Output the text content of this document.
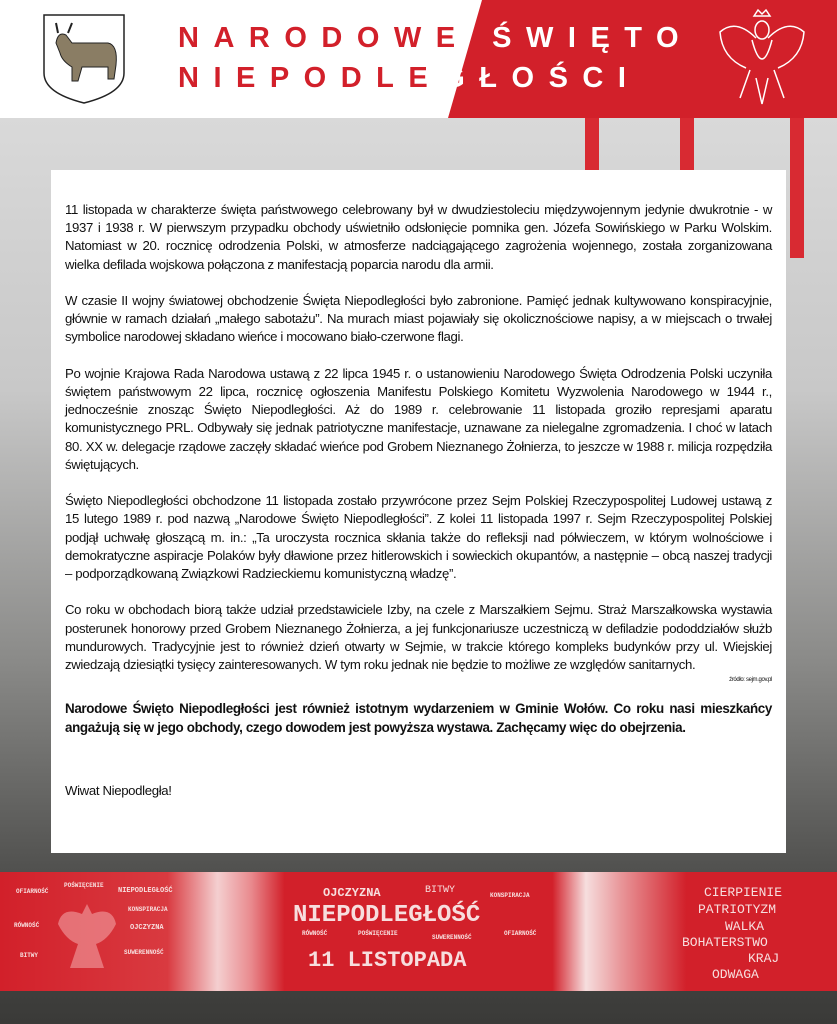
NARODOWE ŚWIĘTO
NIEPODLEGŁOŚCI

11 listopada w charakterze święta państwowego celebrowany był w dwudziestoleciu międzywojennym jedynie dwukrotnie - w 1937 i 1938 r. W pierwszym przypadku obchody uświetniło odsłonięcie pomnika gen. Józefa Sowińskiego w Parku Wolskim. Natomiast w 20. rocznicę odrodzenia Polski, w atmosferze nadciągającego zagrożenia wojennego, została zorganizowana wielka defilada wojskowa połączona z manifestacją poparcia narodu dla armii.

W czasie II wojny światowej obchodzenie Święta Niepodległości było zabronione. Pamięć jednak kultywowano konspiracyjnie, głównie w ramach działań „małego sabotażu”. Na murach miast pojawiały się okolicznościowe napisy, a w miejscach o trwałej symbolice narodowej składano wieńce i mocowano biało-czerwone flagi.

Po wojnie Krajowa Rada Narodowa ustawą z 22 lipca 1945 r. o ustanowieniu Narodowego Święta Odrodzenia Polski uczyniła świętem państwowym 22 lipca, rocznicę ogłoszenia Manifestu Polskiego Komitetu Wyzwolenia Narodowego w 1944 r., jednocześnie znosząc Święto Niepodległości. Aż do 1989 r. celebrowanie 11 listopada groziło represjami aparatu komunistycznego PRL. Odbywały się jednak patriotyczne manifestacje, uznawane za nielegalne zgromadzenia. I choć w latach 80. XX w. delegacje rządowe zaczęły składać wieńce pod Grobem Nieznanego Żołnierza, to jeszcze w 1988 r. milicja rozpędziła świętujących.

Święto Niepodległości obchodzone 11 listopada zostało przywrócone przez Sejm Polskiej Rzeczypospolitej Ludowej ustawą z 15 lutego 1989 r. pod nazwą „Narodowe Święto Niepodległości”. Z kolei 11 listopada 1997 r. Sejm Rzeczypospolitej Polskiej podjął uchwałę głoszącą m. in.: „Ta uroczysta rocznica skłania także do refleksji nad półwieczem, w którym wolnościowe i demokratyczne aspiracje Polaków były dławione przez hitlerowskich i sowieckich okupantów, a następnie – obcą naszej tradycji – podporządkowaną Związkowi Radzieckiemu komunistyczną władzę”.

Co roku w obchodach biorą także udział przedstawiciele Izby, na czele z Marszałkiem Sejmu. Straż Marszałkowska wystawia posterunek honorowy przed Grobem Nieznanego Żołnierza, a jej funkcjonariusze uczestniczą w defiladzie pododdziałów służb mundurowych. Tradycyjnie jest to również dzień otwarty w Sejmie, w trakcie którego kompleks budynków przy ul. Wiejskiej zwiedzają dziesiątki tysięcy zainteresowanych. W tym roku jednak nie będzie to możliwe ze względów sanitarnych.

źródło: sejm.gov.pl

Narodowe Święto Niepodległości jest również istotnym wydarzeniem w Gminie Wołów. Co roku nasi mieszkańcy angażują się w jego obchody, czego dowodem jest powyższa wystawa. Zachęcamy więc do obejrzenia.

Wiwat Niepodległa!

POŚWIĘCENIE
OFIARNOŚĆ	NIEPODLEGŁOŚĆ
KONSPIRACJA
RÓWNOŚĆ	OJCZYZNA
BITWY	SUWERENNOŚĆ
OJCZYZNA	BITWY	KONSPIRACJA
NIEPODLEGŁOŚĆ
RÓWNOŚĆ	POŚWIĘCENIE
SUWERENNOŚĆ
OFIARNOŚĆ
11 LISTOPADA
CIERPIENIE
PATRIOTYZM
WALKA
BOHATERSTWO
KRAJ
ODWAGA
